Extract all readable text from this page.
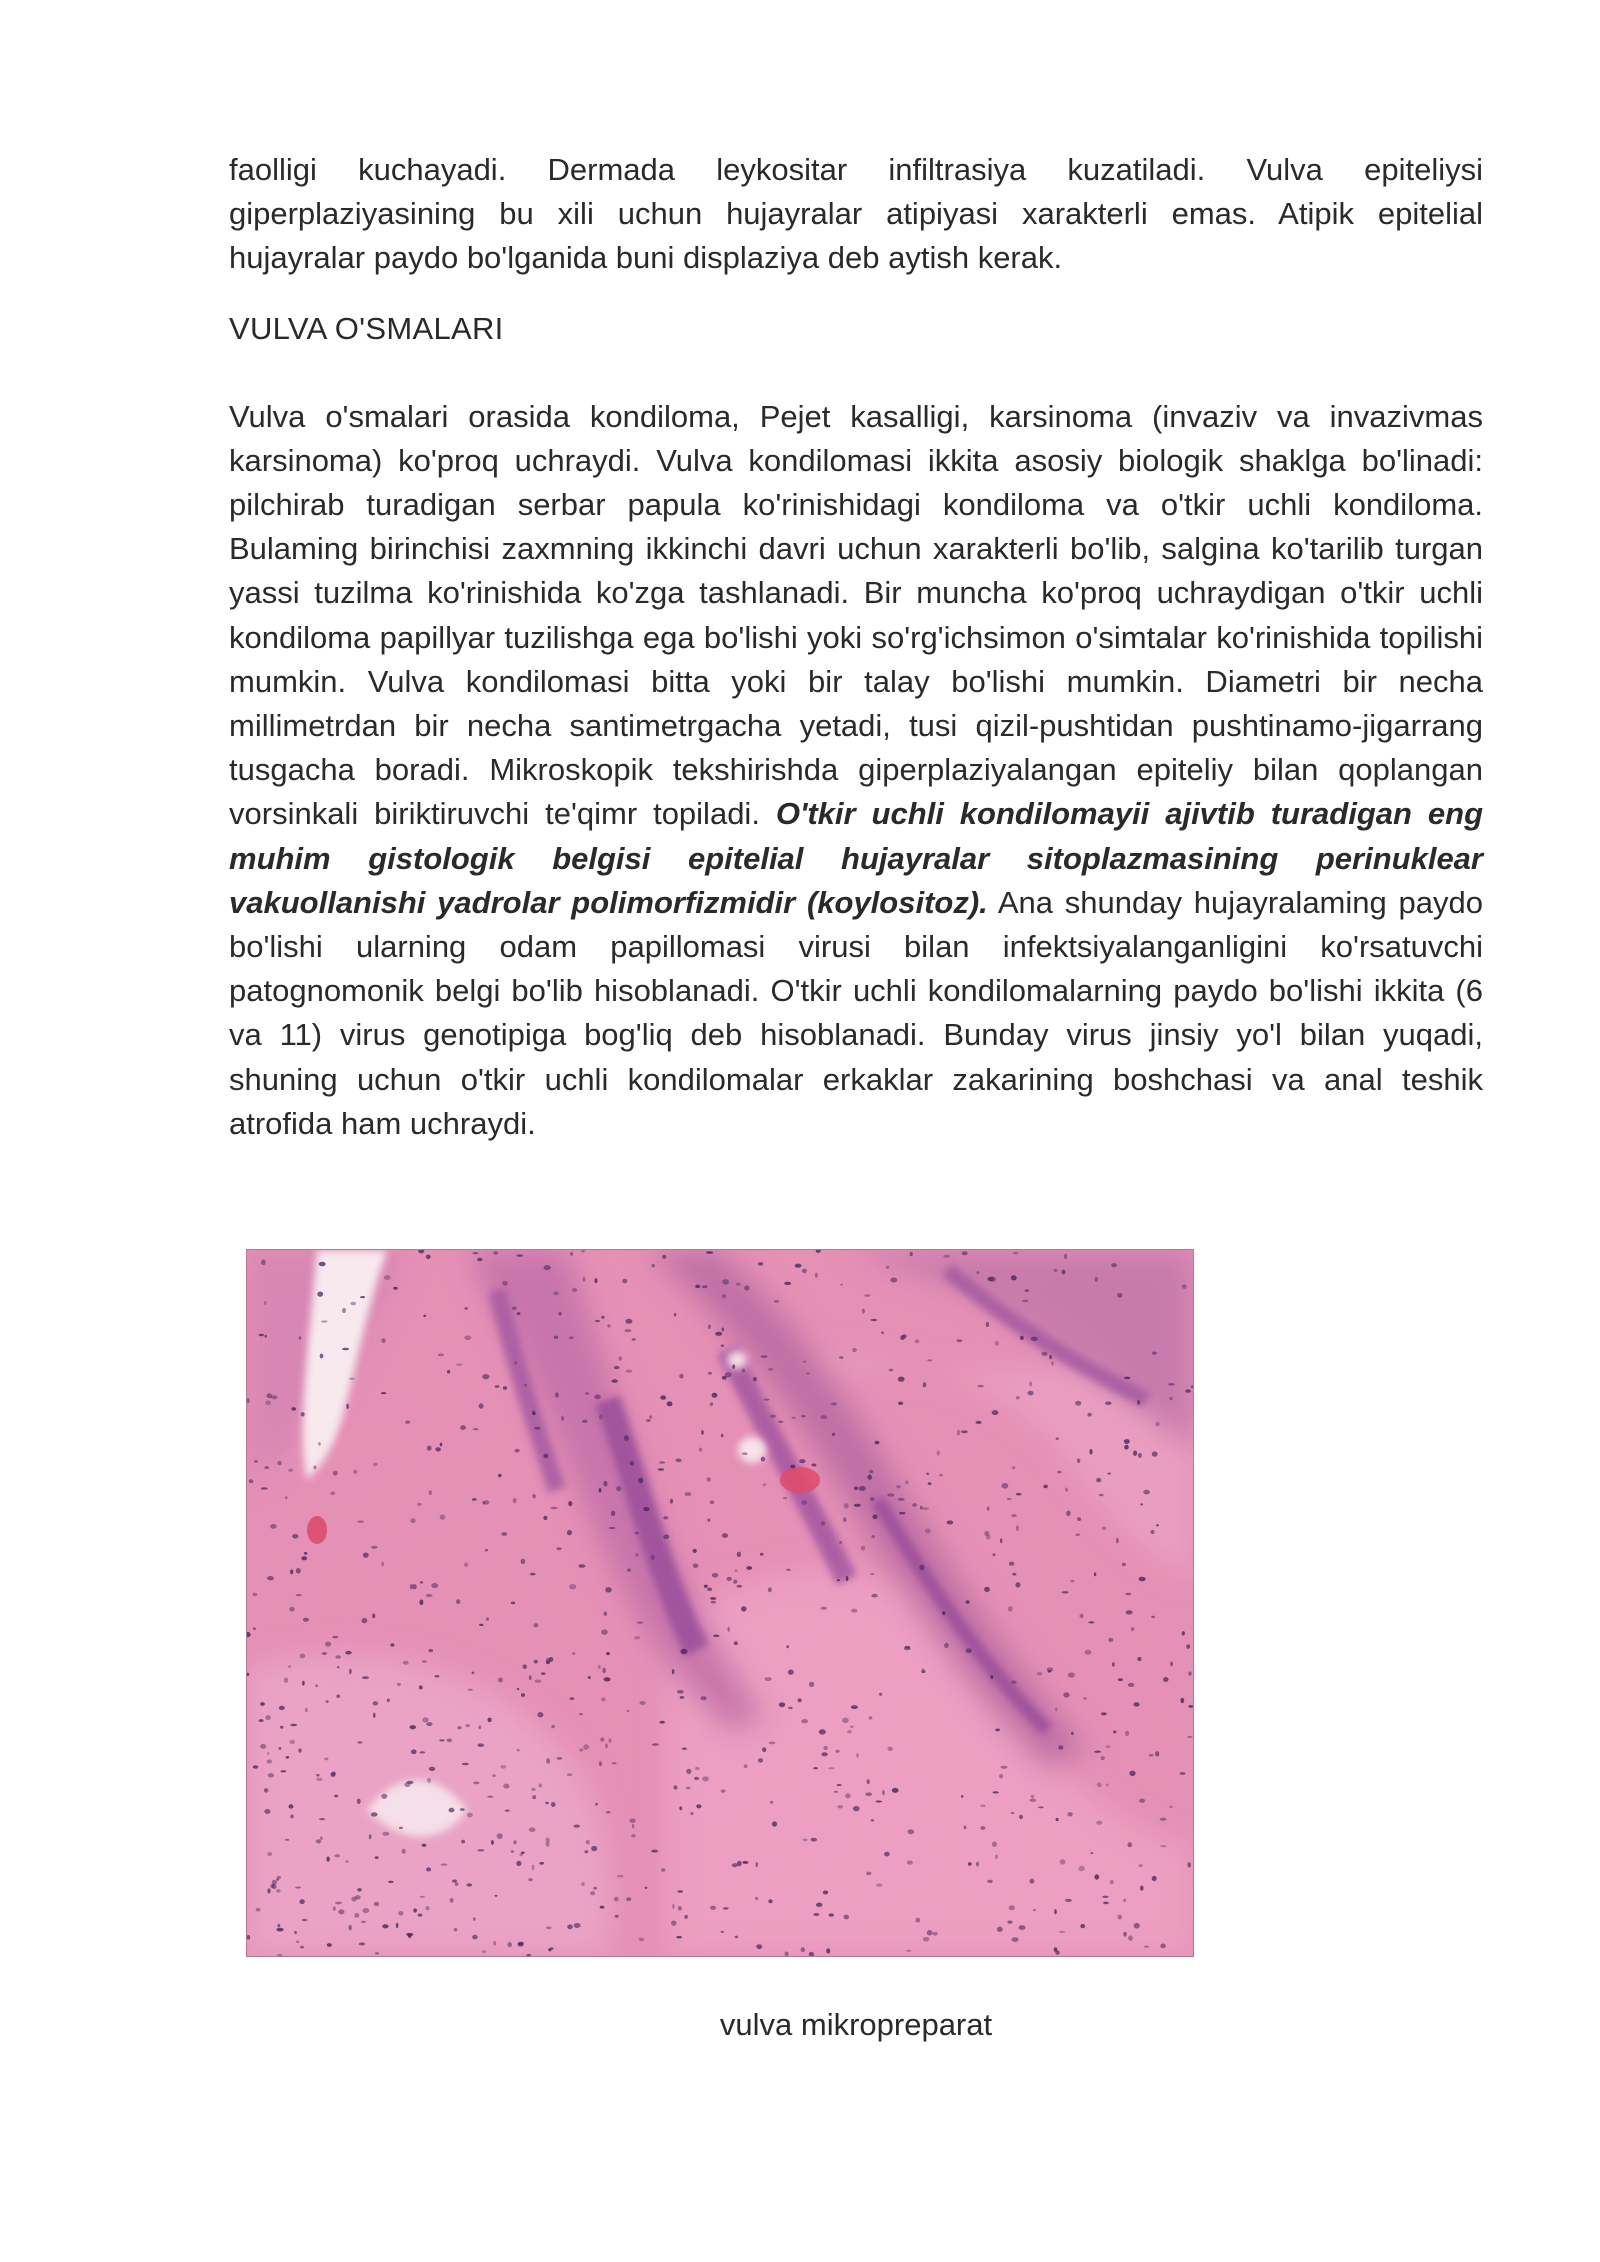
faolligi kuchayadi. Dermada leykositar infiltrasiya kuzatiladi. Vulva epiteliysi giperplaziyasining bu xili uchun hujayralar atipiyasi xarakterli emas. Atipik epitelial hujayralar paydo bo'lganida buni displaziya deb aytish kerak.

VULVA O'SMALARI

Vulva o'smalari orasida kondiloma, Pejet kasalligi, karsinoma (invaziv va invazivmas karsinoma) ko'proq uchraydi. Vulva kondilomasi ikkita asosiy biologik shaklga bo'linadi: pilchirab turadigan serbar papula ko'rinishidagi kondiloma va o'tkir uchli kondiloma. Bulaming birinchisi zaxmning ikkinchi davri uchun xarakterli bo'lib, salgina ko'tarilib turgan yassi tuzilma ko'rinishida ko'zga tashlanadi. Bir muncha ko'proq uchraydigan o'tkir uchli kondiloma papillyar tuzilishga ega bo'lishi yoki so'rg'ichsimon o'simtalar ko'rinishida topilishi mumkin. Vulva kondilomasi bitta yoki bir talay bo'lishi mumkin. Diametri bir necha millimetrdan bir necha santimetrgacha yetadi, tusi qizil-pushtidan pushtinamo-jigarrang tusgacha boradi. Mikroskopik tekshirishda giperplaziyalangan epiteliy bilan qoplangan vorsinkali biriktiruvchi te'qimr topiladi. O'tkir uchli kondilomayii ajivtib turadigan eng muhim gistologik belgisi epitelial hujayralar sitoplazmasining perinuklear vakuollanishi yadrolar polimorfizmidir (koylositoz). Ana shunday hujayralaming paydo bo'lishi ularning odam papillomasi virusi bilan infektsiyalanganligini ko'rsatuvchi patognomonik belgi bo'lib hisoblanadi. O'tkir uchli kondilomalarning paydo bo'lishi ikkita (6 va 11) virus genotipiga bog'liq deb hisoblanadi. Bunday virus jinsiy yo'l bilan yuqadi, shuning uchun o'tkir uchli kondilomalar erkaklar zakarining boshchasi va anal teshik atrofida ham uchraydi.

vulva mikropreparat
